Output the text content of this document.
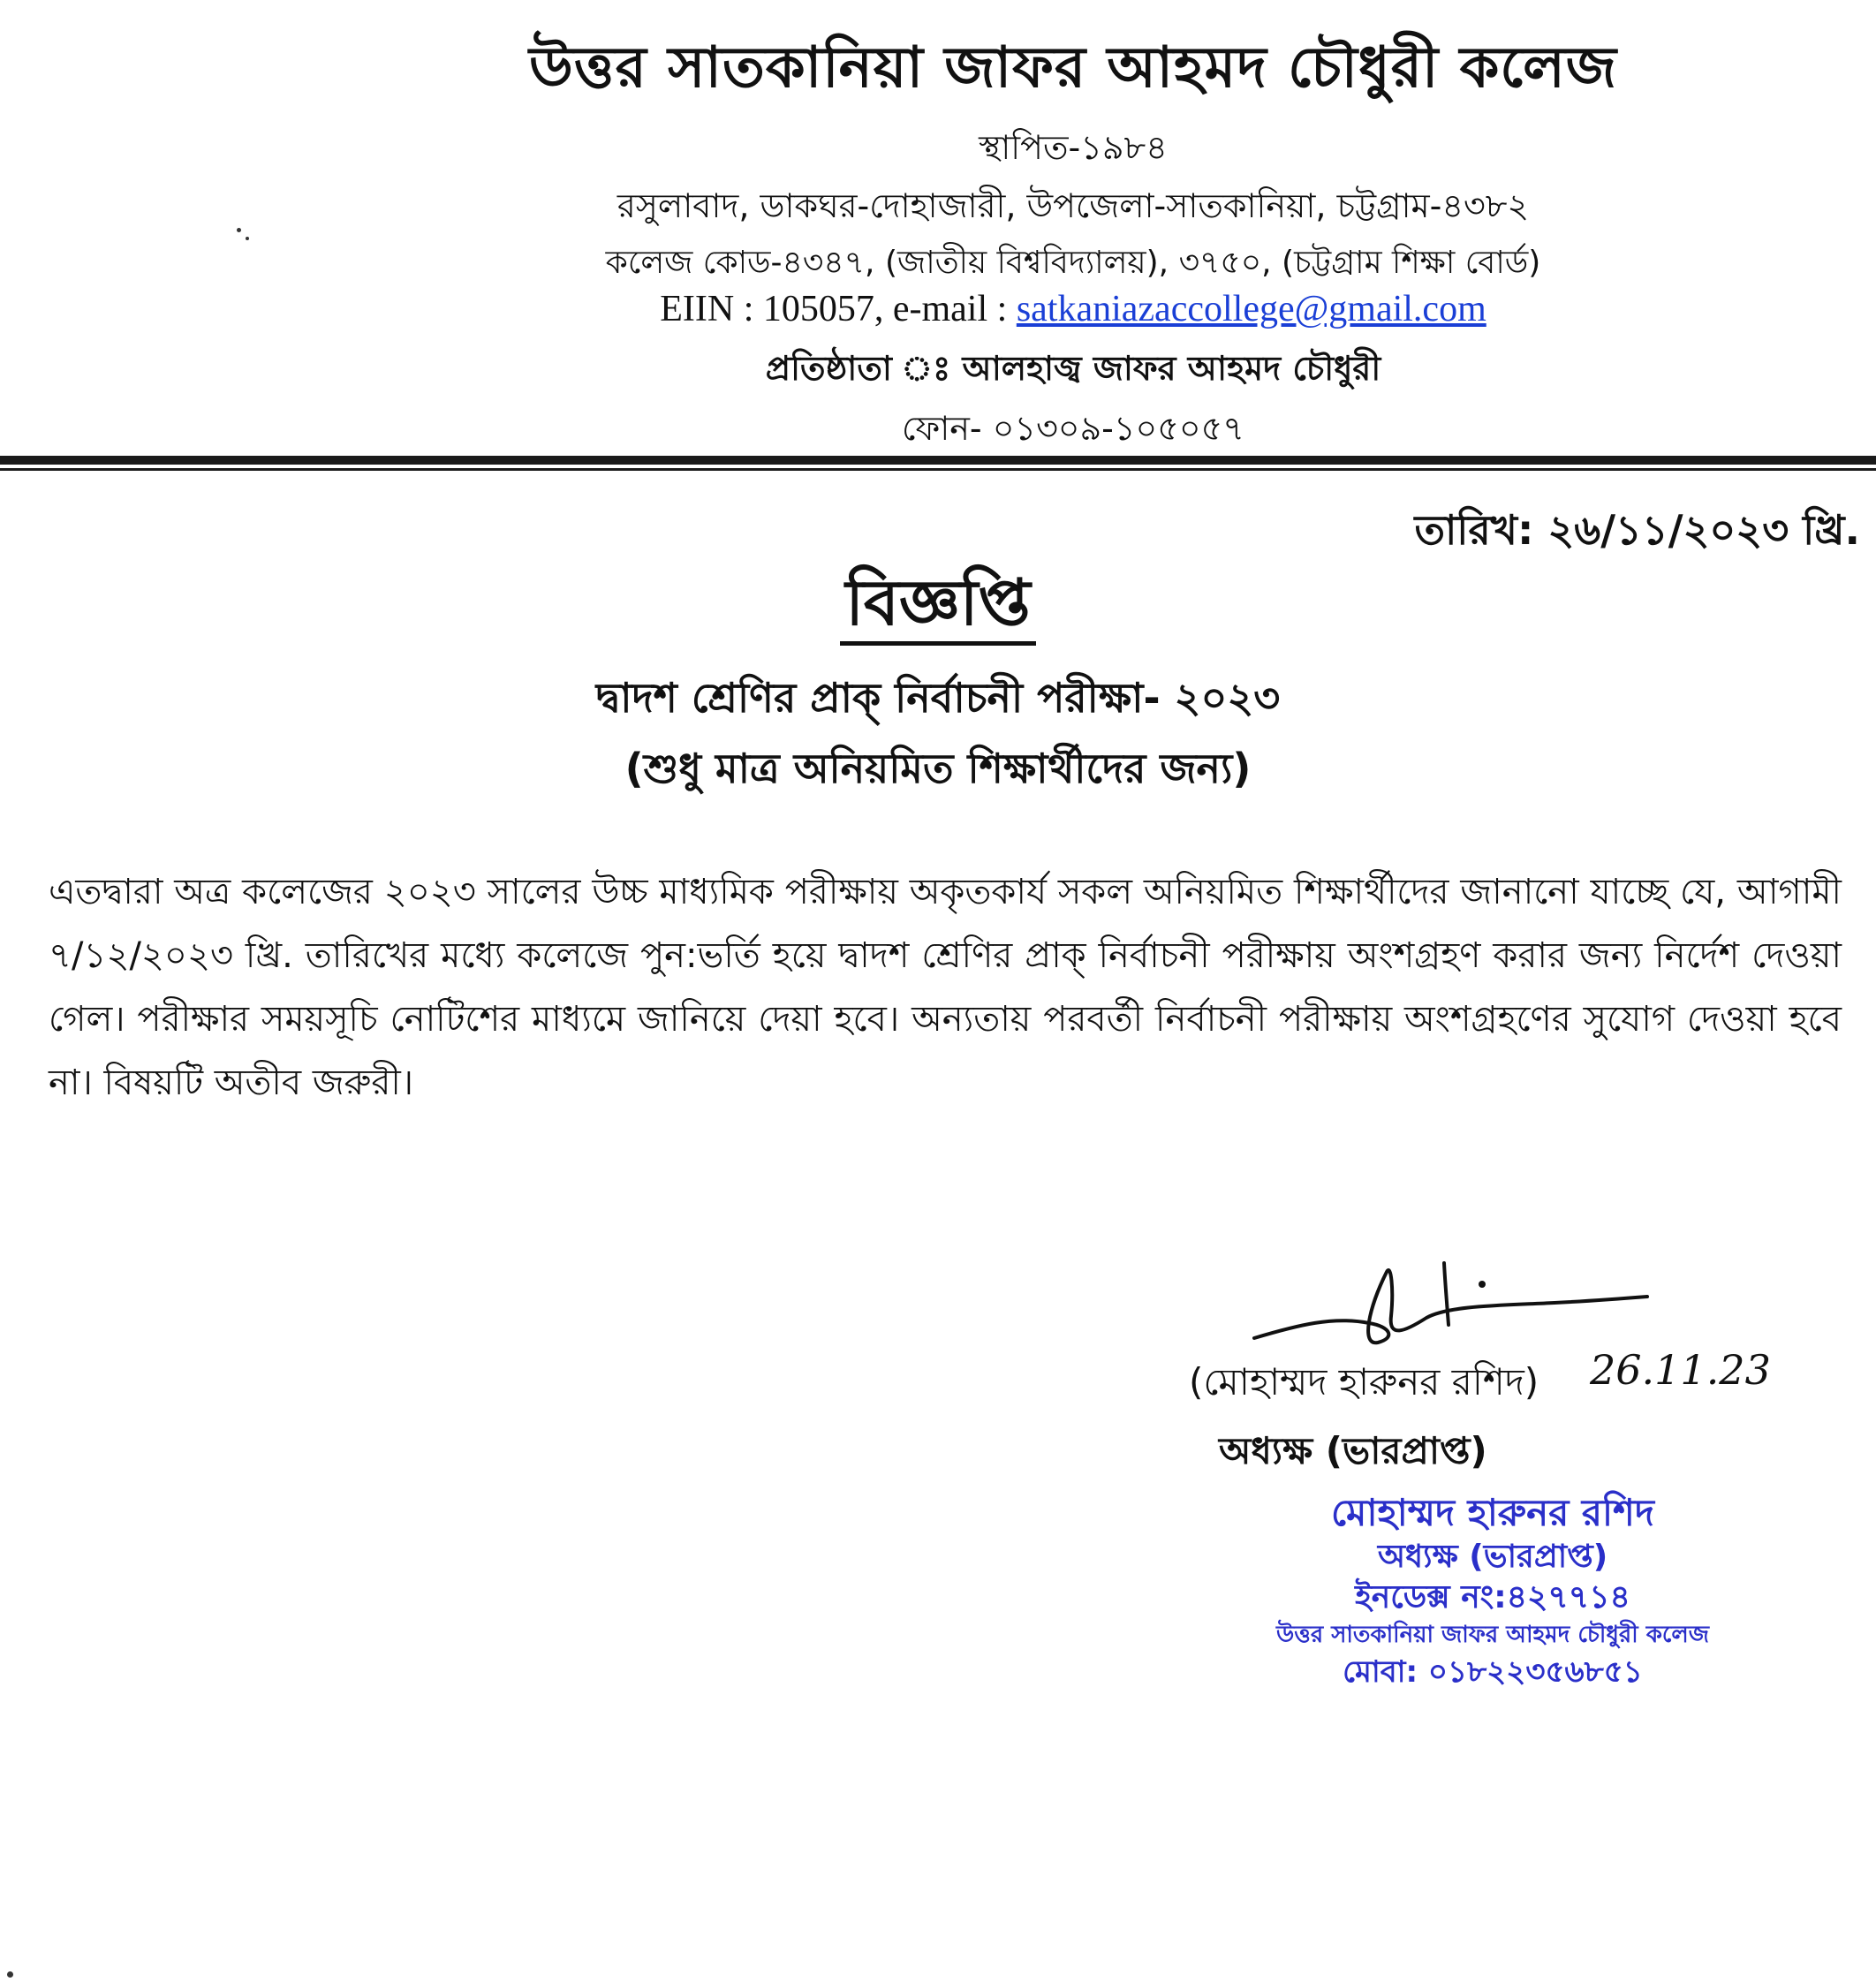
উত্তর সাতকানিয়া জাফর আহমদ চৌধুরী কলেজ
স্থাপিত-১৯৮৪
রসুলাবাদ, ডাকঘর-দোহাজারী, উপজেলা-সাতকানিয়া, চট্টগ্রাম-৪৩৮২
কলেজ কোড-৪৩৪৭, (জাতীয় বিশ্ববিদ্যালয়), ৩৭৫০, (চট্টগ্রাম শিক্ষা বোর্ড)
EIIN : 105057, e-mail : satkaniazaccollege@gmail.com
প্রতিষ্ঠাতা ঃ আলহাজ্ব জাফর আহমদ চৌধুরী
ফোন- ০১৩০৯-১০৫০৫৭
তারিখ: ২৬/১১/২০২৩ খ্রি.
বিজ্ঞপ্তি
দ্বাদশ শ্রেণির প্রাক্ নির্বাচনী পরীক্ষা- ২০২৩
(শুধু মাত্র অনিয়মিত শিক্ষার্থীদের জন্য)
এতদ্বারা অত্র কলেজের ২০২৩ সালের উচ্চ মাধ্যমিক পরীক্ষায় অকৃতকার্য সকল অনিয়মিত শিক্ষার্থীদের জানানো যাচ্ছে যে, আগামী ৭/১২/২০২৩ খ্রি. তারিখের মধ্যে কলেজে পুন:ভর্তি হয়ে দ্বাদশ শ্রেণির প্রাক্ নির্বাচনী পরীক্ষায় অংশগ্রহণ করার জন্য নির্দেশ দেওয়া গেল। পরীক্ষার সময়সূচি নোটিশের মাধ্যমে জানিয়ে দেয়া হবে। অন্যতায় পরবর্তী নির্বাচনী পরীক্ষায় অংশগ্রহণের সুযোগ দেওয়া হবে না। বিষয়টি অতীব জরুরী।
(মোহাম্মদ হারুনর রশিদ) 26.11.23
অধ্যক্ষ (ভারপ্রাপ্ত)
মোহাম্মদ হারুনর রশিদ
অধ্যক্ষ (ভারপ্রাপ্ত)
ইনডেক্স নং:৪২৭৭১৪
উত্তর সাতকানিয়া জাফর আহমদ চৌধুরী কলেজ
মোবা: ০১৮২২৩৫৬৮৫১
